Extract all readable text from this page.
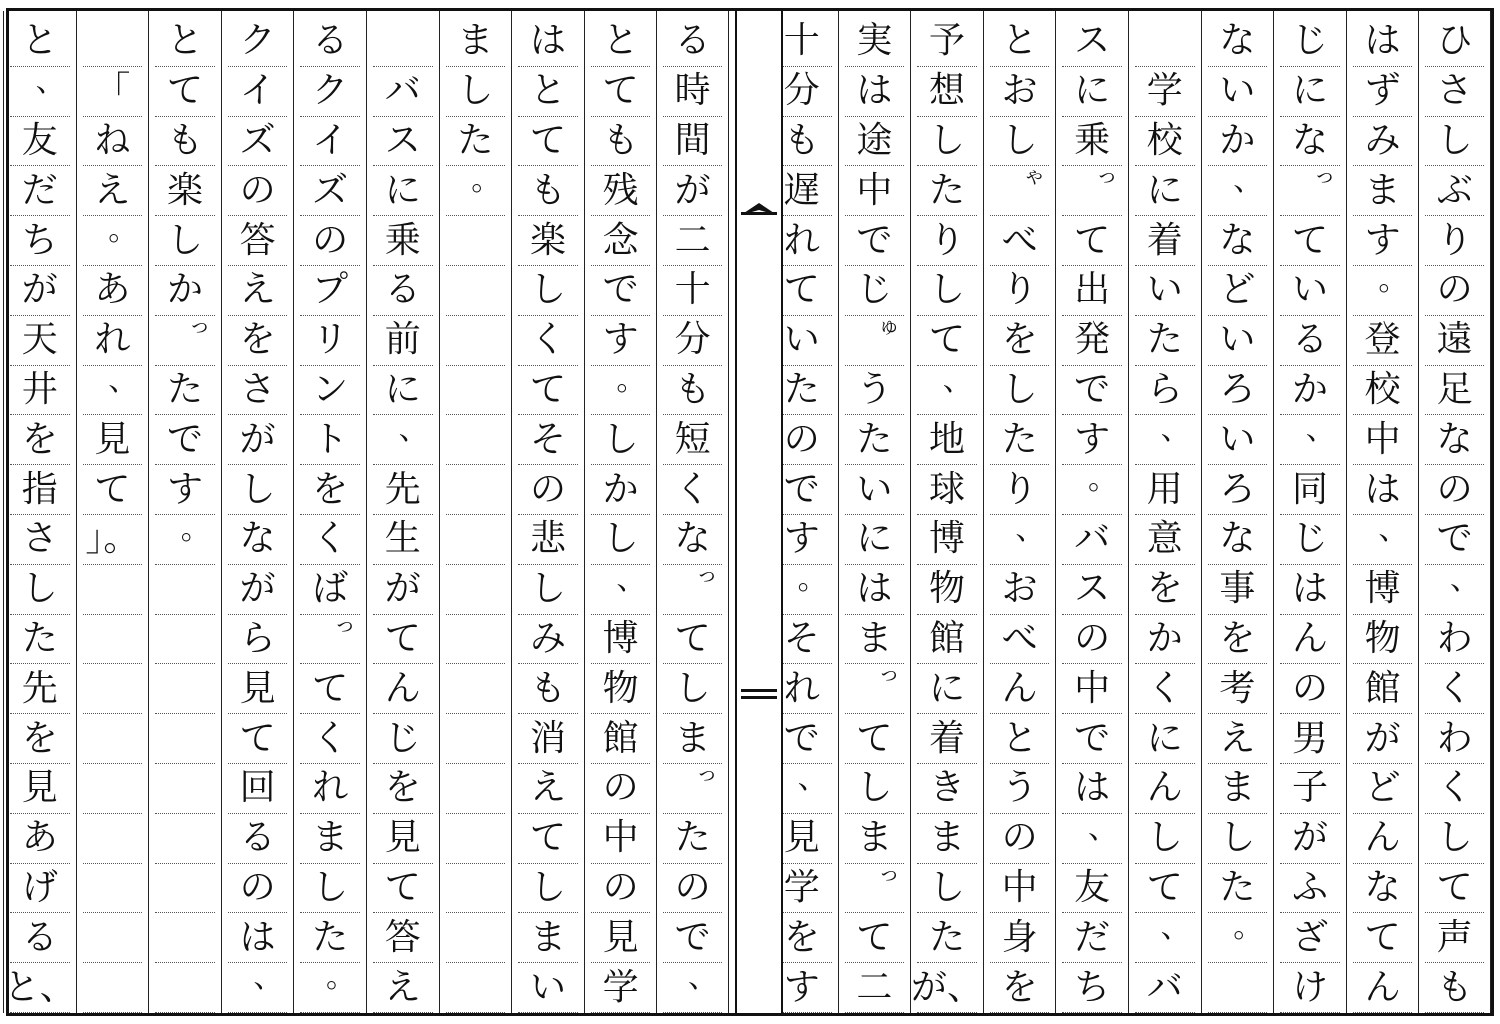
ひ
さ
し
ぶ
り
の
遠
足
な
の
で
、
わ
く
わ
く
し
て
声
も
は
ず
み
ま
す
。
登
校
中
は
、
博
物
館
が
ど
ん
な
て
ん
じ
に
な
っ
て
い
る
か
、
同
じ
は
ん
の
男
子
が
ふ
ざ
け
な
い
か
、
な
ど
い
ろ
い
ろ
な
事
を
考
え
ま
し
た
。
学
校
に
着
い
た
ら
、
用
意
を
か
く
に
ん
し
て
、
バ
ス
に
乗
っ
て
出
発
で
す
。
バ
ス
の
中
で
は
、
友
だ
ち
と
お
し
ゃ
べ
り
を
し
た
り
、
お
べ
ん
と
う
の
中
身
を
予
想
し
た
り
し
て
、
地
球
博
物
館
に
着
き
ま
し
た
が、
実
は
途
中
で
じ
ゅ
う
た
い
に
は
ま
っ
て
し
ま
っ
て
二
十
分
も
遅
れ
て
い
た
の
で
す
。
そ
れ
で
、
見
学
を
す
る
時
間
が
二
十
分
も
短
く
な
っ
て
し
ま
っ
た
の
で
、
と
て
も
残
念
で
す
。
し
か
し
、
博
物
館
の
中
の
見
学
は
と
て
も
楽
し
く
て
そ
の
悲
し
み
も
消
え
て
し
ま
い
ま
し
た
。
バ
ス
に
乗
る
前
に
、
先
生
が
て
ん
じ
を
見
て
答
え
る
ク
イ
ズ
の
プ
リ
ン
ト
を
く
ば
っ
て
く
れ
ま
し
た
。
ク
イ
ズ
の
答
え
を
さ
が
し
な
が
ら
見
て
回
る
の
は
、
と
て
も
楽
し
か
っ
た
で
す
。
「
ね
え
。
あ
れ
、
見
て
」。
と
、
友
だ
ち
が
天
井
を
指
さ
し
た
先
を
見
あ
げ
る
と、
